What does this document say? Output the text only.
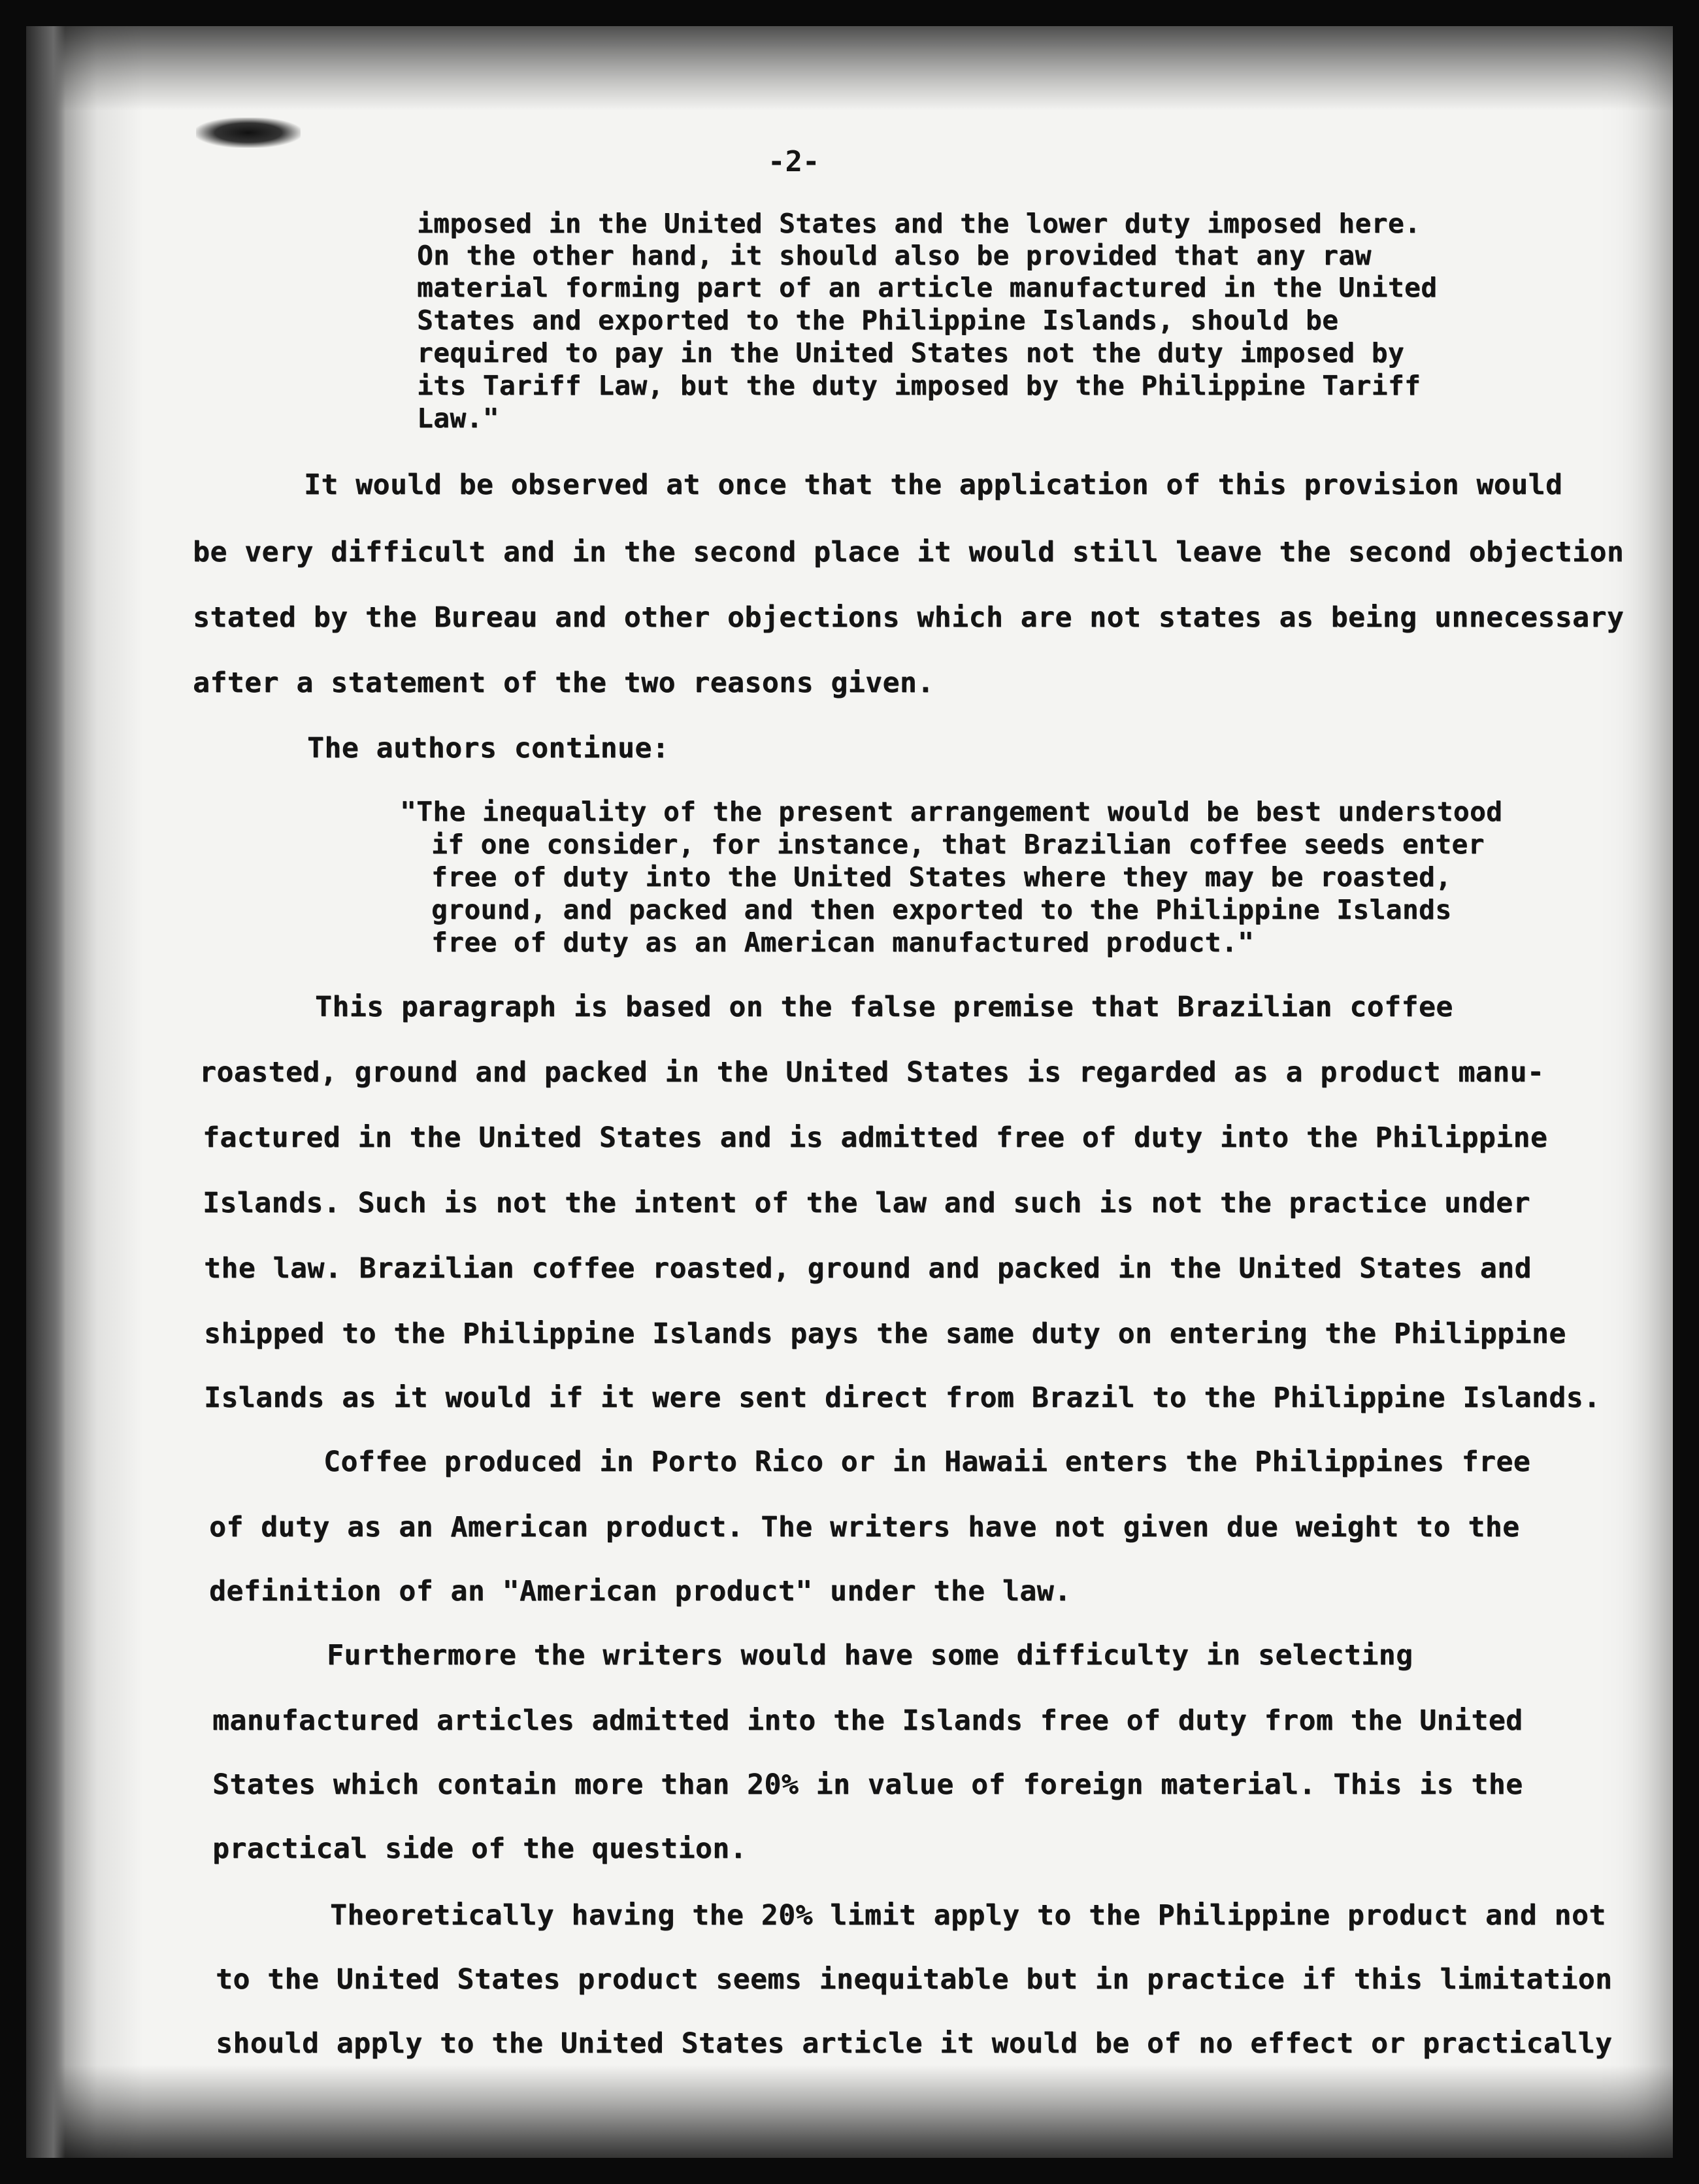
-2-
imposed in the United States and the lower duty imposed here.
On the other hand, it should also be provided that any raw
material forming part of an article manufactured in the United
States and exported to the Philippine Islands, should be
required to pay in the United States not the duty imposed by
its Tariff Law, but the duty imposed by the Philippine Tariff
Law."
It would be observed at once that the application of this provision would
be very difficult and in the second place it would still leave the second objection
stated by the Bureau and other objections which are not states as being unnecessary
after a statement of the two reasons given.
The authors continue:
"The inequality of the present arrangement would be best understood
if one consider, for instance, that Brazilian coffee seeds enter
free of duty into the United States where they may be roasted,
ground, and packed and then exported to the Philippine Islands
free of duty as an American manufactured product."
This paragraph is based on the false premise that Brazilian coffee
roasted, ground and packed in the United States is regarded as a product manu-
factured in the United States and is admitted free of duty into the Philippine
Islands. Such is not the intent of the law and such is not the practice under
the law. Brazilian coffee roasted, ground and packed in the United States and
shipped to the Philippine Islands pays the same duty on entering the Philippine
Islands as it would if it were sent direct from Brazil to the Philippine Islands.
Coffee produced in Porto Rico or in Hawaii enters the Philippines free
of duty as an American product. The writers have not given due weight to the
definition of an "American product" under the law.
Furthermore the writers would have some difficulty in selecting
manufactured articles admitted into the Islands free of duty from the United
States which contain more than 20% in value of foreign material. This is the
practical side of the question.
Theoretically having the 20% limit apply to the Philippine product and not
to the United States product seems inequitable but in practice if this limitation
should apply to the United States article it would be of no effect or practically
